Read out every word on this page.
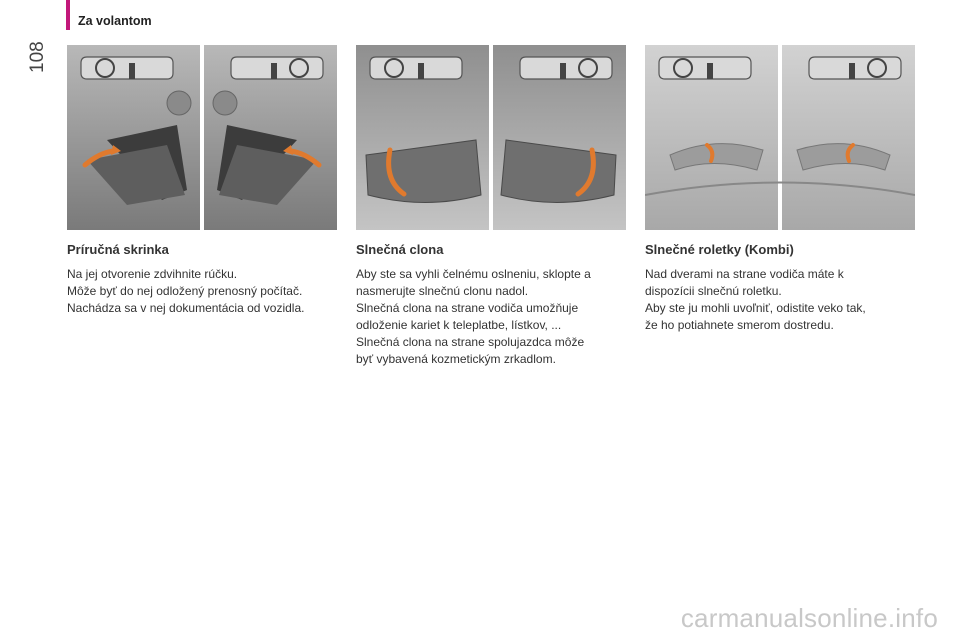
Za volantom
108
Príručná skrinka

Na jej otvorenie zdvihnite rúčku.

Môže byť do nej odložený prenosný počítač.

Nachádza sa v nej dokumentácia od vozidla.

Slnečná clona

Aby ste sa vyhli čelnému oslneniu, sklopte a

nasmerujte slnečnú clonu nadol.

Slnečná clona na strane vodiča umožňuje

odloženie kariet k teleplatbe, lístkov, ...

Slnečná clona na strane spolujazdca môže

byť vybavená kozmetickým zrkadlom.

Slnečné roletky (Kombi)

Nad dverami na strane vodiča máte k

dispozícii slnečnú roletku.

Aby ste ju mohli uvoľniť, odistite veko tak,

že ho potiahnete smerom dostredu.

carmanualsonline.info
